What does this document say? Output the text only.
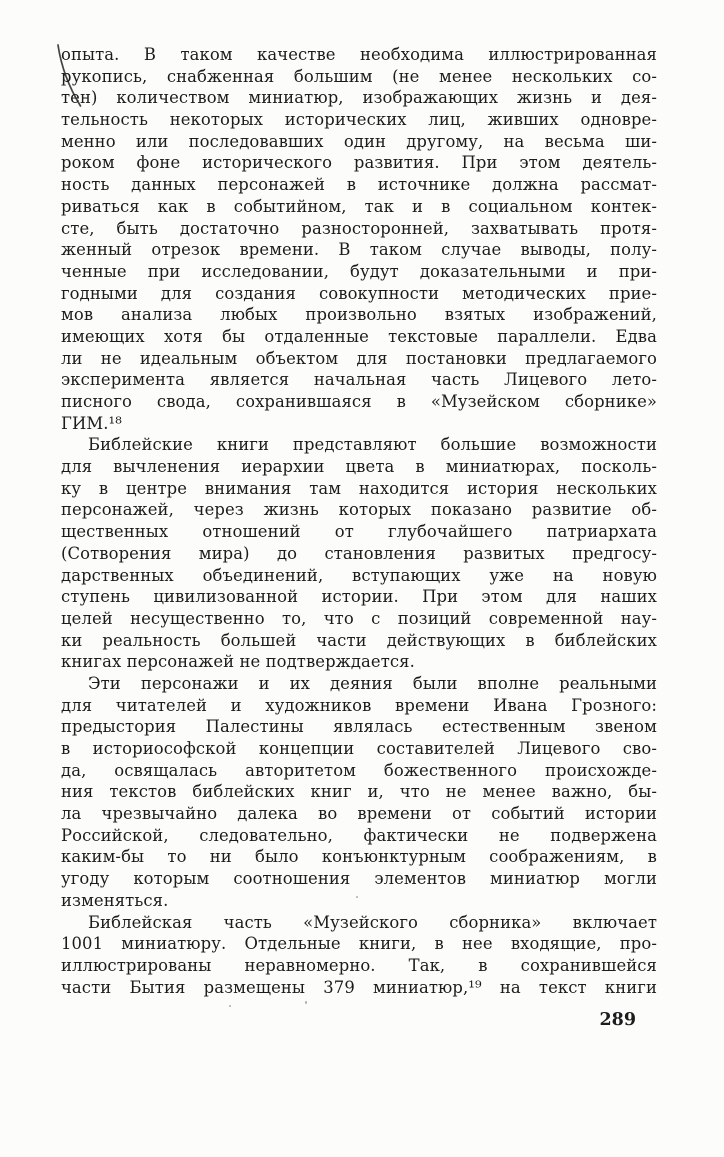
опыта. В таком качестве необходима иллюстрированная
рукопись, снабженная большим (не менее нескольких со-
тен) количеством миниатюр, изображающих жизнь и дея-
тельность некоторых исторических лиц, живших одновре-
менно или последовавших один другому, на весьма ши-
роком фоне исторического развития. При этом деятель-
ность данных персонажей в источнике должна рассмат-
риваться как в событийном, так и в социальном контек-
сте, быть достаточно разносторонней, захватывать протя-
женный отрезок времени. В таком случае выводы, полу-
ченные при исследовании, будут доказательными и при-
годными для создания совокупности методических прие-
мов анализа любых произвольно взятых изображений,
имеющих хотя бы отдаленные текстовые параллели. Едва
ли не идеальным объектом для постановки предлагаемого
эксперимента является начальная часть Лицевого лето-
писного свода, сохранившаяся в «Музейском сборнике»
ГИМ.¹⁸
Библейские книги представляют большие возможности
для вычленения иерархии цвета в миниатюрах, посколь-
ку в центре внимания там находится история нескольких
персонажей, через жизнь которых показано развитие об-
щественных отношений от глубочайшего патриархата
(Сотворения мира) до становления развитых предгосу-
дарственных объединений, вступающих уже на новую
ступень цивилизованной истории. При этом для наших
целей несущественно то, что с позиций современной нау-
ки реальность большей части действующих в библейских
книгах персонажей не подтверждается.
Эти персонажи и их деяния были вполне реальными
для читателей и художников времени Ивана Грозного:
предыстория Палестины являлась естественным звеном
в историософской концепции составителей Лицевого сво-
да, освящалась авторитетом божественного происхожде-
ния текстов библейских книг и, что не менее важно, бы-
ла чрезвычайно далека во времени от событий истории
Российской, следовательно, фактически не подвержена
каким-бы то ни было конъюнктурным соображениям, в
угоду которым соотношения элементов миниатюр могли
изменяться.
Библейская часть «Музейского сборника» включает
1001 миниатюру. Отдельные книги, в нее входящие, про-
иллюстрированы неравномерно. Так, в сохранившейся
части Бытия размещены 379 миниатюр,¹⁹ на текст книги
289
